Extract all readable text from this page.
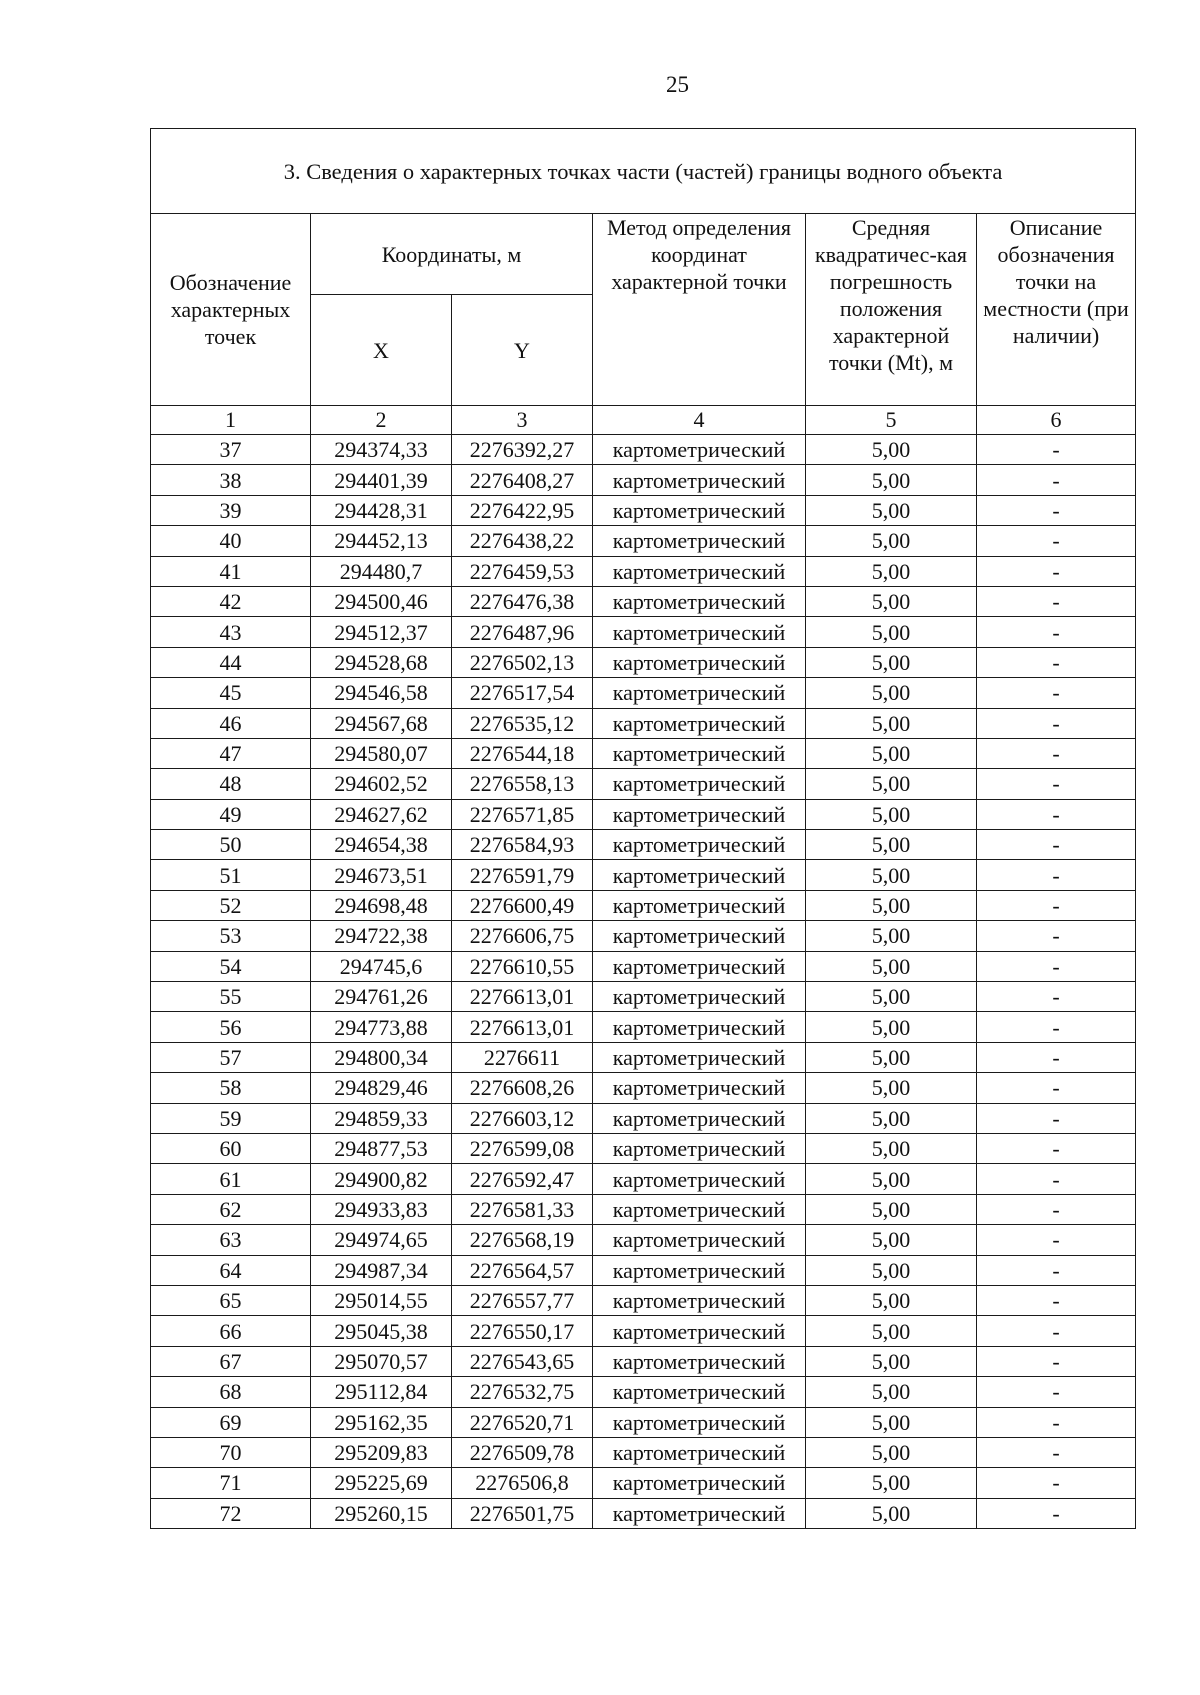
25
3. Сведения о характерных точках части (частей) границы водного объекта					
Обозначение характерных точек	Координаты, м		Метод определения координат характерной точки	Средняя квадратичес-кая погрешность положения характерной точки (Mt), м	Описание обозначения точки на местности (при наличии)
	X	Y			
1	2	3	4	5	6
37	294374,33	2276392,27	картометрический	5,00	-
38	294401,39	2276408,27	картометрический	5,00	-
39	294428,31	2276422,95	картометрический	5,00	-
40	294452,13	2276438,22	картометрический	5,00	-
41	294480,7	2276459,53	картометрический	5,00	-
42	294500,46	2276476,38	картометрический	5,00	-
43	294512,37	2276487,96	картометрический	5,00	-
44	294528,68	2276502,13	картометрический	5,00	-
45	294546,58	2276517,54	картометрический	5,00	-
46	294567,68	2276535,12	картометрический	5,00	-
47	294580,07	2276544,18	картометрический	5,00	-
48	294602,52	2276558,13	картометрический	5,00	-
49	294627,62	2276571,85	картометрический	5,00	-
50	294654,38	2276584,93	картометрический	5,00	-
51	294673,51	2276591,79	картометрический	5,00	-
52	294698,48	2276600,49	картометрический	5,00	-
53	294722,38	2276606,75	картометрический	5,00	-
54	294745,6	2276610,55	картометрический	5,00	-
55	294761,26	2276613,01	картометрический	5,00	-
56	294773,88	2276613,01	картометрический	5,00	-
57	294800,34	2276611	картометрический	5,00	-
58	294829,46	2276608,26	картометрический	5,00	-
59	294859,33	2276603,12	картометрический	5,00	-
60	294877,53	2276599,08	картометрический	5,00	-
61	294900,82	2276592,47	картометрический	5,00	-
62	294933,83	2276581,33	картометрический	5,00	-
63	294974,65	2276568,19	картометрический	5,00	-
64	294987,34	2276564,57	картометрический	5,00	-
65	295014,55	2276557,77	картометрический	5,00	-
66	295045,38	2276550,17	картометрический	5,00	-
67	295070,57	2276543,65	картометрический	5,00	-
68	295112,84	2276532,75	картометрический	5,00	-
69	295162,35	2276520,71	картометрический	5,00	-
70	295209,83	2276509,78	картометрический	5,00	-
71	295225,69	2276506,8	картометрический	5,00	-
72	295260,15	2276501,75	картометрический	5,00	-
